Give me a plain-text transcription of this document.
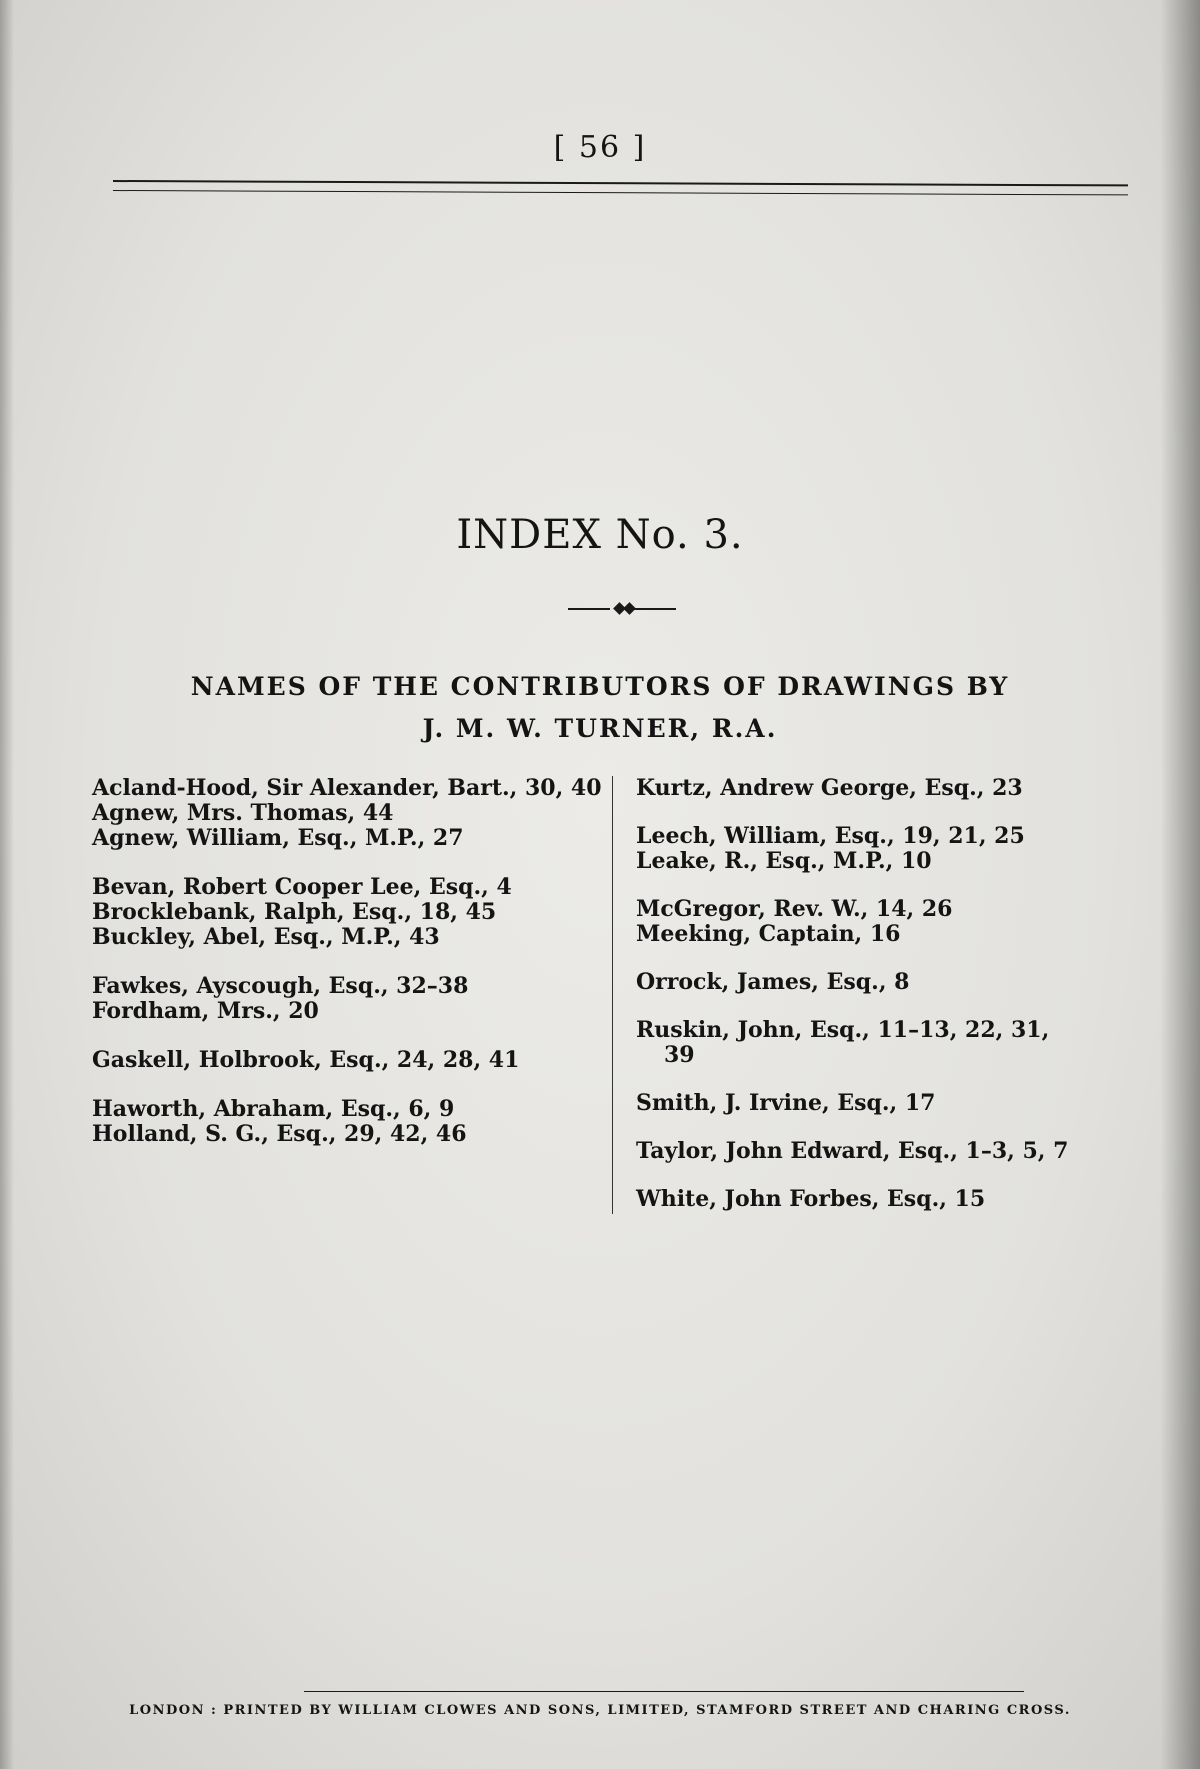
[ 56 ]
INDEX No. 3.
NAMES OF THE CONTRIBUTORS OF DRAWINGS BY
J. M. W. TURNER, R.A.

Acland-Hood, Sir Alexander, Bart., 30, 40

Agnew, Mrs. Thomas, 44

Agnew, William, Esq., M.P., 27

Bevan, Robert Cooper Lee, Esq., 4

Brocklebank, Ralph, Esq., 18, 45

Buckley, Abel, Esq., M.P., 43

Fawkes, Ayscough, Esq., 32–38

Fordham, Mrs., 20

Gaskell, Holbrook, Esq., 24, 28, 41

Haworth, Abraham, Esq., 6, 9

Holland, S. G., Esq., 29, 42, 46

Kurtz, Andrew George, Esq., 23

Leech, William, Esq., 19, 21, 25

Leake, R., Esq., M.P., 10

McGregor, Rev. W., 14, 26

Meeking, Captain, 16

Orrock, James, Esq., 8

Ruskin, John, Esq., 11–13, 22, 31, 39

Smith, J. Irvine, Esq., 17

Taylor, John Edward, Esq., 1–3, 5, 7

White, John Forbes, Esq., 15

LONDON : PRINTED BY WILLIAM CLOWES AND SONS, LIMITED, STAMFORD STREET AND CHARING CROSS.
